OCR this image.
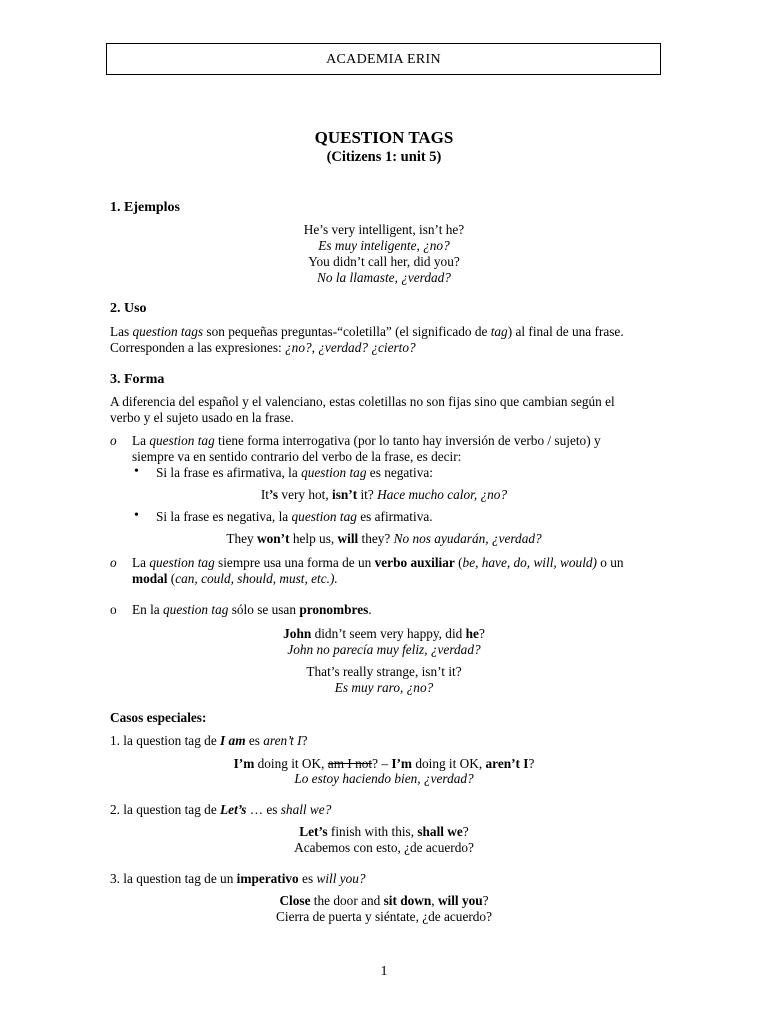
ACADEMIA ERIN
QUESTION TAGS
(Citizens 1: unit 5)
1. Ejemplos
He’s very intelligent, isn’t he?
Es muy inteligente, ¿no?
You didn’t call her, did you?
No la llamaste, ¿verdad?
2. Uso
Las question tags son pequeñas preguntas-“coletilla” (el significado de tag) al final de una frase.
Corresponden a las expresiones: ¿no?, ¿verdad? ¿cierto?
3. Forma
A diferencia del español y el valenciano, estas coletillas no son fijas sino que cambian según el
verbo y el sujeto usado en la frase.
o La question tag tiene forma interrogativa (por lo tanto hay inversión de verbo / sujeto) y
siempre va en sentido contrario del verbo de la frase, es decir:
• Si la frase es afirmativa, la question tag es negativa:
It’s very hot, isn’t it? Hace mucho calor, ¿no?
• Si la frase es negativa, la question tag es afirmativa.
They won’t help us, will they? No nos ayudarán, ¿verdad?
o La question tag siempre usa una forma de un verbo auxiliar (be, have, do, will, would) o un
modal (can, could, should, must, etc.).
o En la question tag sólo se usan pronombres.
John didn’t seem very happy, did he?
John no parecía muy feliz, ¿verdad?
That’s really strange, isn’t it?
Es muy raro, ¿no?
Casos especiales:
1. la question tag de I am es aren’t I?
I’m doing it OK, am I not? – I’m doing it OK, aren’t I?
Lo estoy haciendo bien, ¿verdad?
2. la question tag de Let’s … es shall we?
Let’s finish with this, shall we?
Acabemos con esto, ¿de acuerdo?
3. la question tag de un imperativo es will you?
Close the door and sit down, will you?
Cierra de puerta y siéntate, ¿de acuerdo?
1
